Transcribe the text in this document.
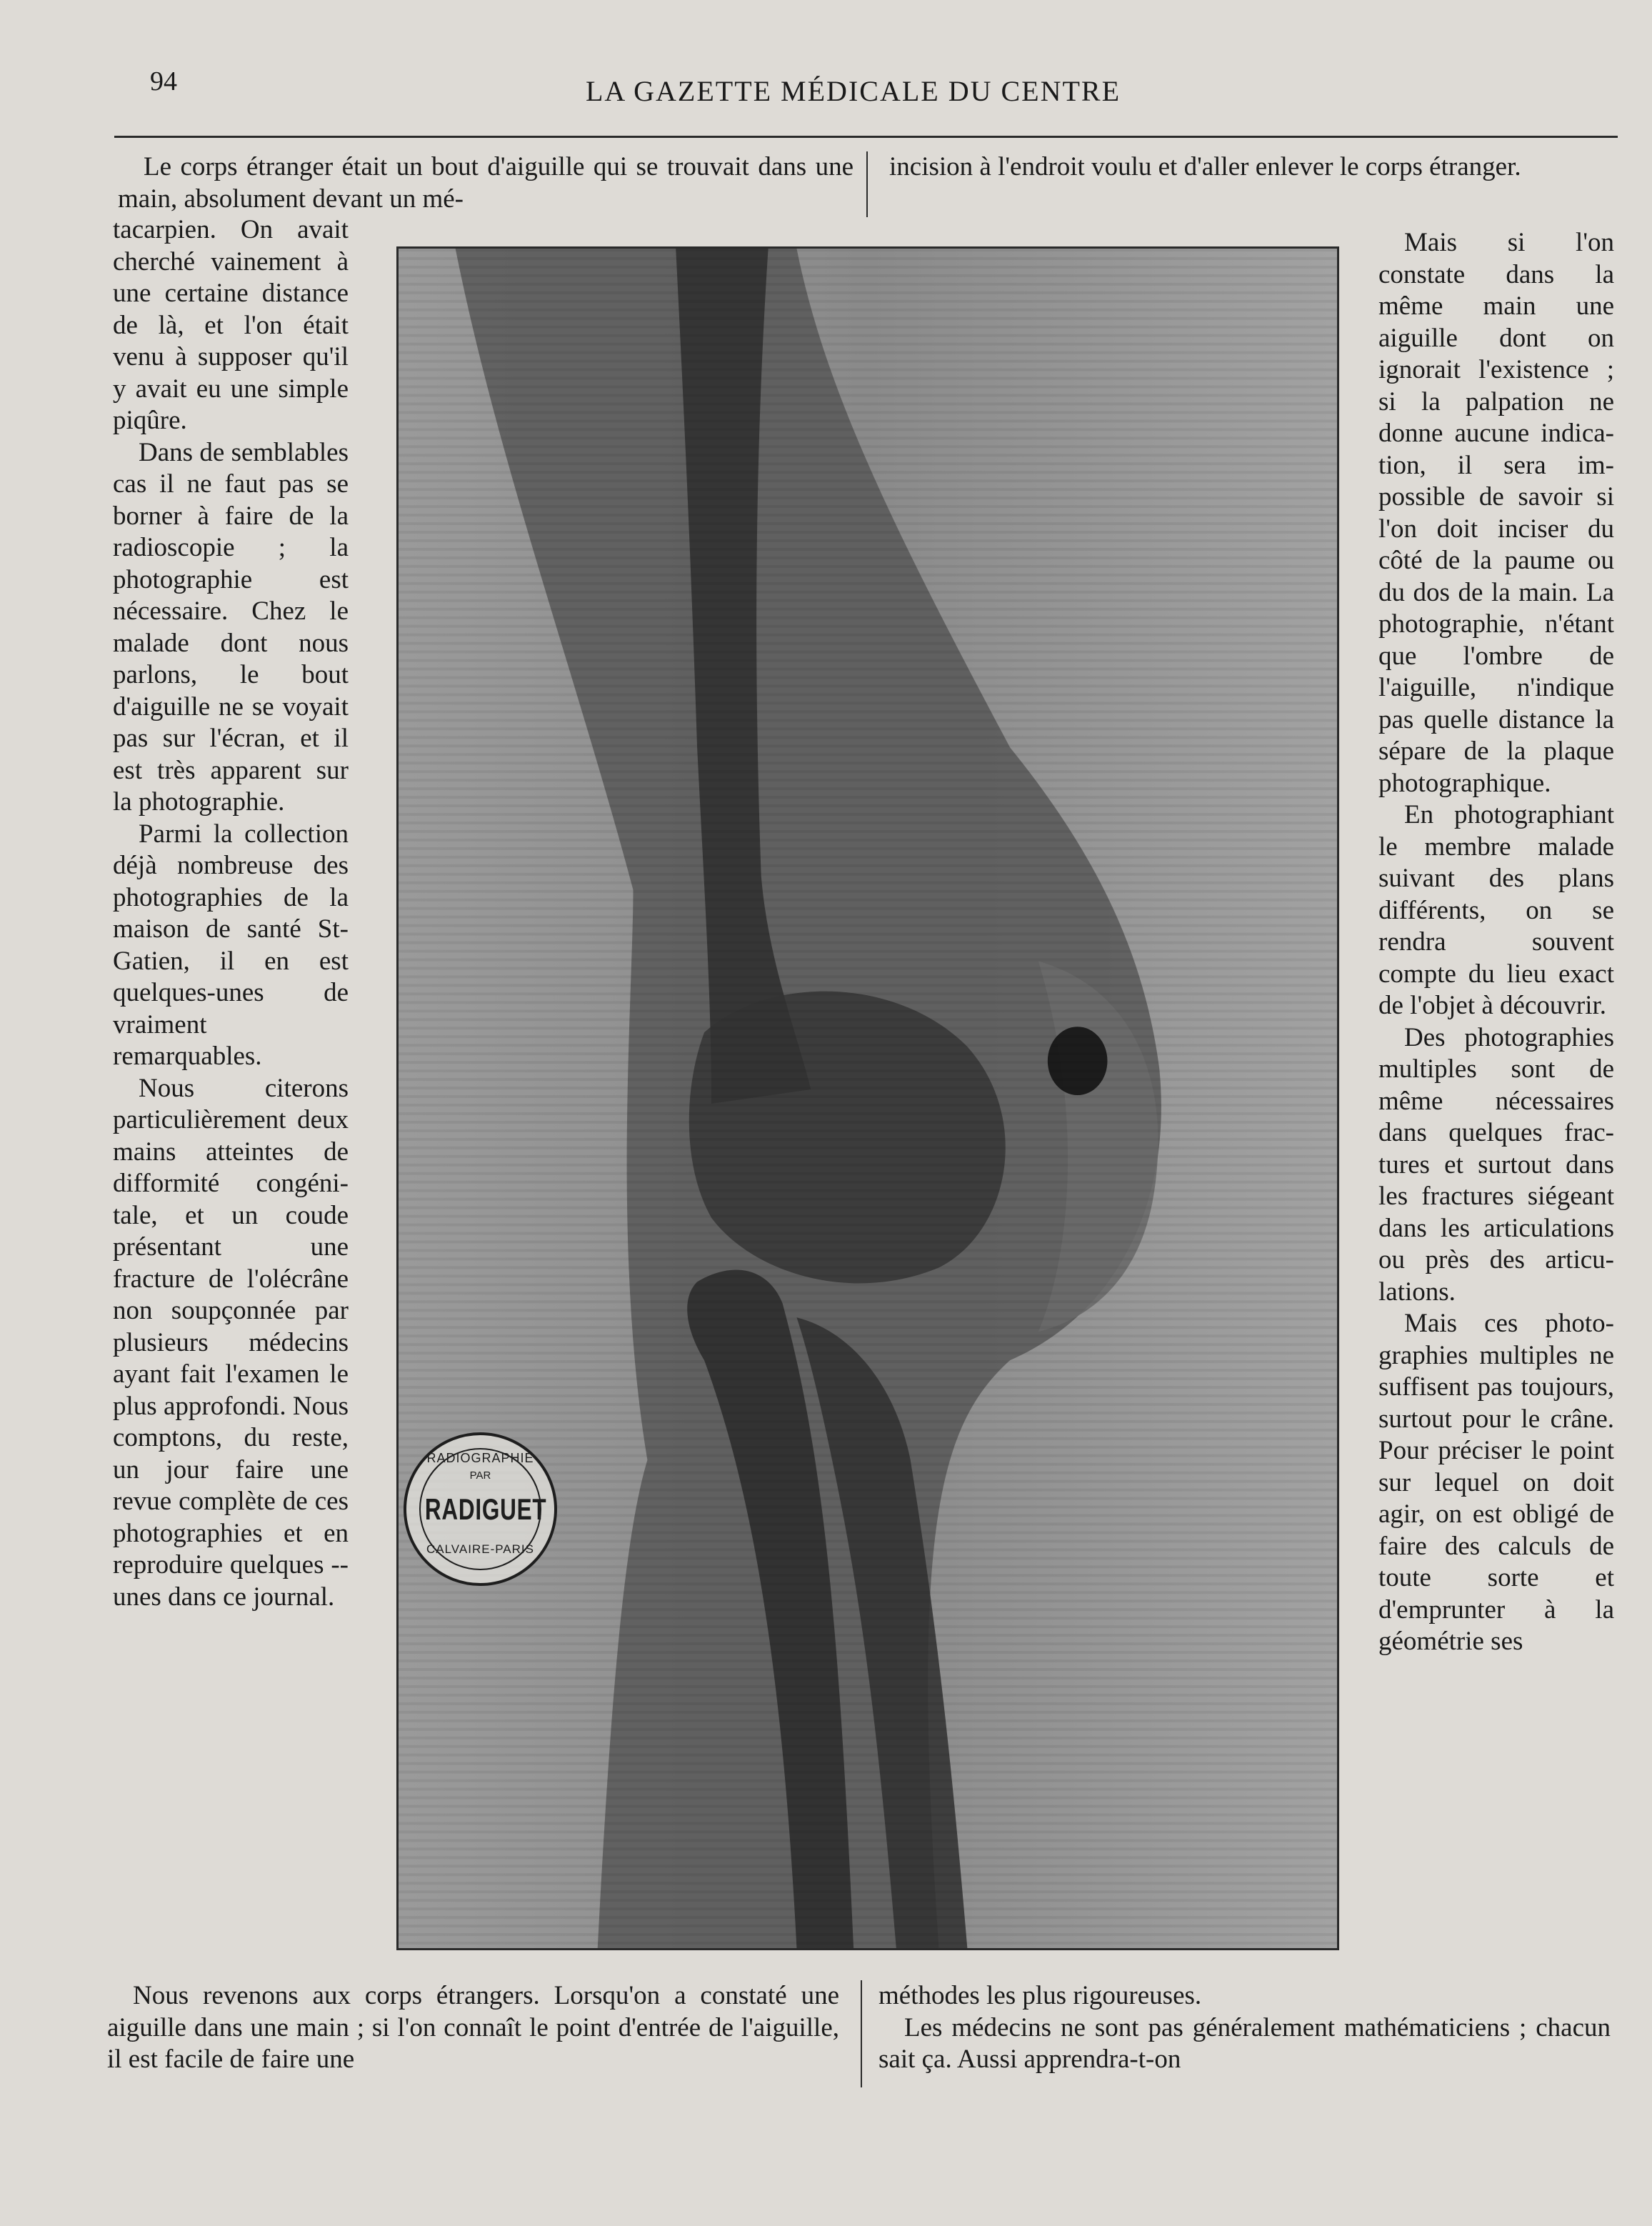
94	LA GAZETTE MÉDICALE DU CENTRE

Le corps étranger était un bout d'aiguille qui se trouvait dans une main, absolument devant un mé-

incision à l'endroit voulu et d'aller enlever le corps étranger.

tacarpien. On avait cherché vainement à une certaine distance de là, et l'on était venu à supposer qu'il y avait eu une simple piqûre.

Dans de semblables cas il ne faut pas se borner à faire de la radioscopie ; la photographie est nécessaire. Chez le malade dont nous parlons, le bout d'aiguille ne se voyait pas sur l'écran, et il est très apparent sur la photographie.

Parmi la collection déjà nombreuse des photographies de la maison de santé St-Gatien, il en est quelques-unes de vraiment remarquables.

Nous citerons particulièrement deux mains atteintes de difformité congénitale, et un coude présentant une fracture de l'olécrâne non soupçonnée par plusieurs médecins ayant fait l'examen le plus approfondi. Nous comptons, du reste, un jour faire une revue complète de ces photographies et en reproduire quelques -- unes dans ce journal.

RADIOGRAPHIE
PAR
RADIGUET
CALVAIRE-PARIS

Mais si l'on constate dans la même main une aiguille dont on ignorait l'existence ; si la palpation ne donne aucune indication, il sera impossible de savoir si l'on doit inciser du côté de la paume ou du dos de la main. La photographie, n'étant que l'ombre de l'aiguille, n'indique pas quelle distance la sépare de la plaque photographique.

En photographiant le membre malade suivant des plans différents, on se rendra souvent compte du lieu exact de l'objet à découvrir.

Des photographies multiples sont de même nécessaires dans quelques fractures et surtout dans les fractures siégeant dans les articulations ou près des articulations.

Mais ces photographies multiples ne suffisent pas toujours, surtout pour le crâne. Pour préciser le point sur lequel on doit agir, on est obligé de faire des calculs de toute sorte et d'emprunter à la géométrie ses

Nous revenons aux corps étrangers. Lorsqu'on a constaté une aiguille dans une main ; si l'on connaît le point d'entrée de l'aiguille, il est facile de faire une

méthodes les plus rigoureuses.

Les médecins ne sont pas généralement mathématiciens ; chacun sait ça. Aussi apprendra-t-on
